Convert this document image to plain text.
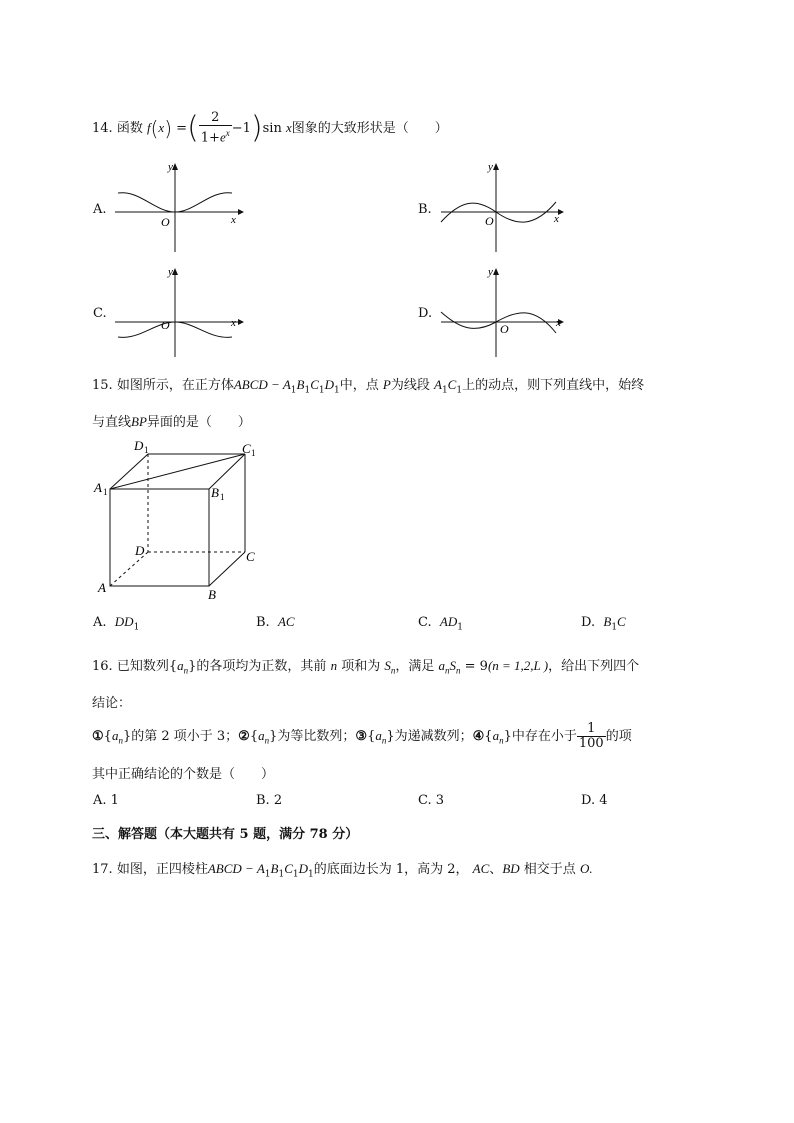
14. 函数 f(x) =( $\frac{2}{1+e^x} -1)\sin$ x图象的大致形状是（　　）
A.	B.
C.	D.
y
x
O
y
x
O
y
x
O
y
x
O
15. 如图所示，在正方体ABCD − $A_1B_1C_1D_1$中，点 P为线段 $A_1C_1$上的动点，则下列直线中，始终
与直线BP异面的是（　　）
D 1	C 1
A 1	B 1
D	C
A	B
A. $DD_1$	B. AC	C. $AD_1$	D. $B_1C$
16. 已知数列$\{a_n\}$的各项均为正数，其前 n 项和为 $S_n$，满足 $a_nS_n = 9(n = 1,2,L$ )，给出下列四个
结论：
$①\{a_n\}$的第 2 项小于 3；$②\{a_n\}$为等比数列；$③\{a_n\}$为递减数列；$④\{a_n\}$中存在小于 $\frac{1}{100}$ 的项
其中正确结论的个数是（　　）
A. 1	B. 2	C. 3	D. 4
三、解答题（本大题共有 5 题，满分 78 分）
17. 如图，正四棱柱ABCD − $A_1B_1C_1D_1$的底面边长为 1，高为 2， AC、BD 相交于点 O.
